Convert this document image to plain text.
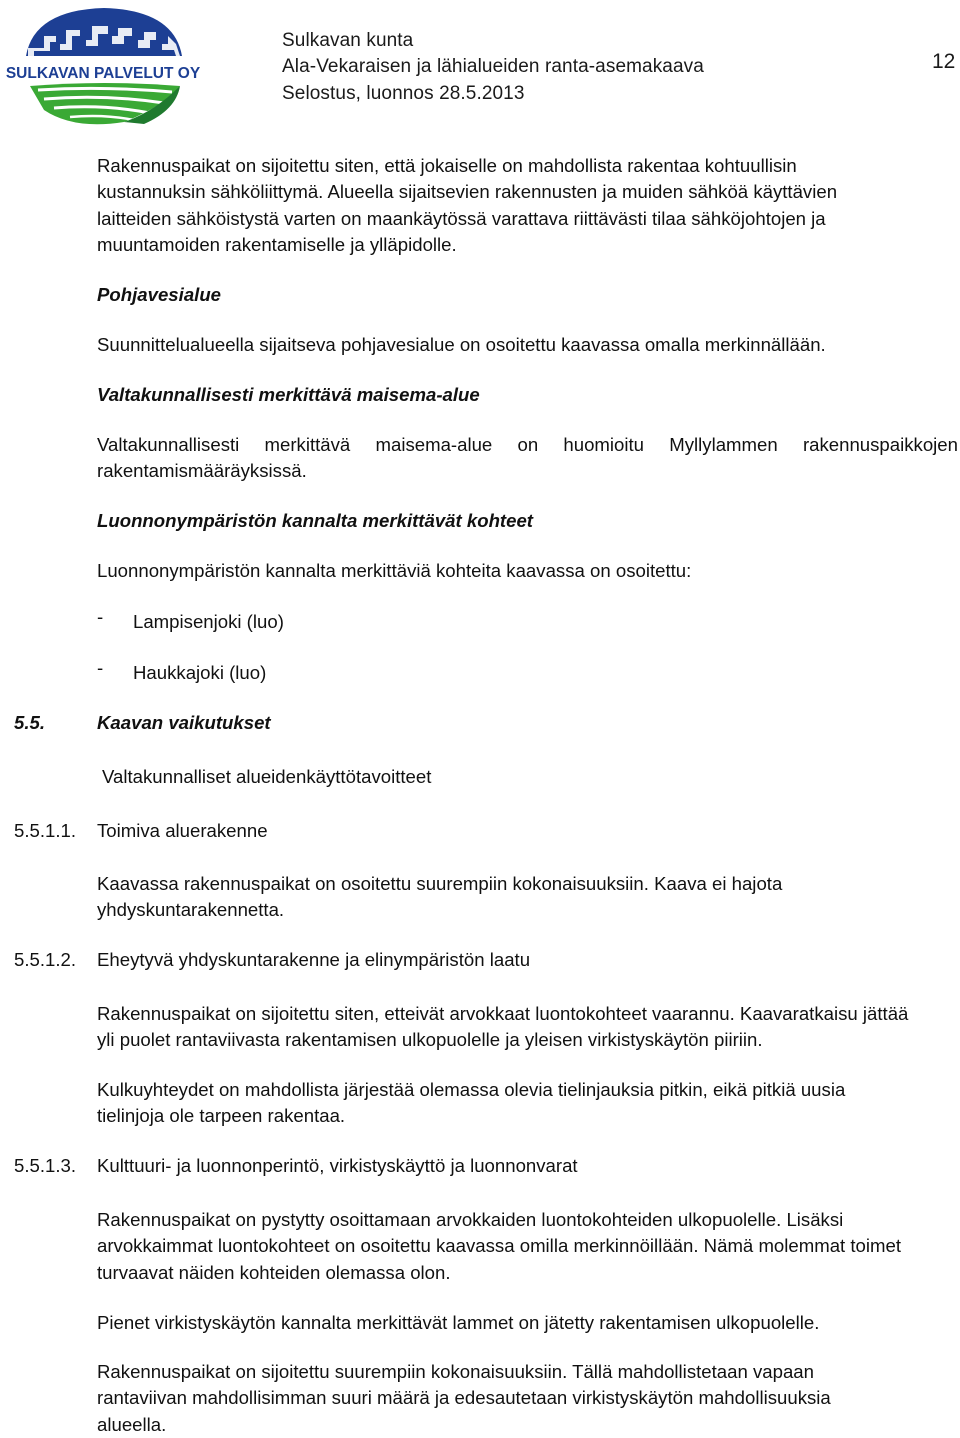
SULKAVAN PALVELUT OY
Sulkavan kunta
Ala-Vekaraisen ja lähialueiden ranta-asemakaava
Selostus, luonnos 28.5.2013
12
Rakennuspaikat on sijoitettu siten, että jokaiselle on mahdollista rakentaa kohtuullisin kustannuksin sähköliittymä. Alueella sijaitsevien rakennusten ja muiden sähköä käyttävien laitteiden sähköistystä varten on maankäytössä varattava riittävästi tilaa sähköjohtojen ja muuntamoiden rakentamiselle ja ylläpidolle.
Pohjavesialue
Suunnittelualueella sijaitseva pohjavesialue on osoitettu kaavassa omalla merkinnällään.
Valtakunnallisesti merkittävä maisema-alue
Valtakunnallisesti merkittävä maisema-alue on huomioitu Myllylammen rakennuspaikkojen
rakentamismääräyksissä.
Luonnonympäristön kannalta merkittävät kohteet
Luonnonympäristön kannalta merkittäviä kohteita kaavassa on osoitettu:
- Lampisenjoki (luo)
- Haukkajoki (luo)
5.5.	Kaavan vaikutukset
Valtakunnalliset alueidenkäyttötavoitteet
5.5.1.1. Toimiva aluerakenne
Kaavassa rakennuspaikat on osoitettu suurempiin kokonaisuuksiin. Kaava ei hajota yhdyskuntarakennetta.
5.5.1.2. Eheytyvä yhdyskuntarakenne ja elinympäristön laatu
Rakennuspaikat on sijoitettu siten, etteivät arvokkaat luontokohteet vaarannu. Kaavaratkaisu jättää yli puolet rantaviivasta rakentamisen ulkopuolelle ja yleisen virkistyskäytön piiriin.
Kulkuyhteydet on mahdollista järjestää olemassa olevia tielinjauksia pitkin, eikä pitkiä uusia tielinjoja ole tarpeen rakentaa.
5.5.1.3. Kulttuuri- ja luonnonperintö, virkistyskäyttö ja luonnonvarat
Rakennuspaikat on pystytty osoittamaan arvokkaiden luontokohteiden ulkopuolelle. Lisäksi arvokkaimmat luontokohteet on osoitettu kaavassa omilla merkinnöillään. Nämä molemmat toimet turvaavat näiden kohteiden olemassa olon.
Pienet virkistyskäytön kannalta merkittävät lammet on jätetty rakentamisen ulkopuolelle.
Rakennuspaikat on sijoitettu suurempiin kokonaisuuksiin. Tällä mahdollistetaan vapaan rantaviivan mahdollisimman suuri määrä ja edesautetaan virkistyskäytön mahdollisuuksia alueella.
